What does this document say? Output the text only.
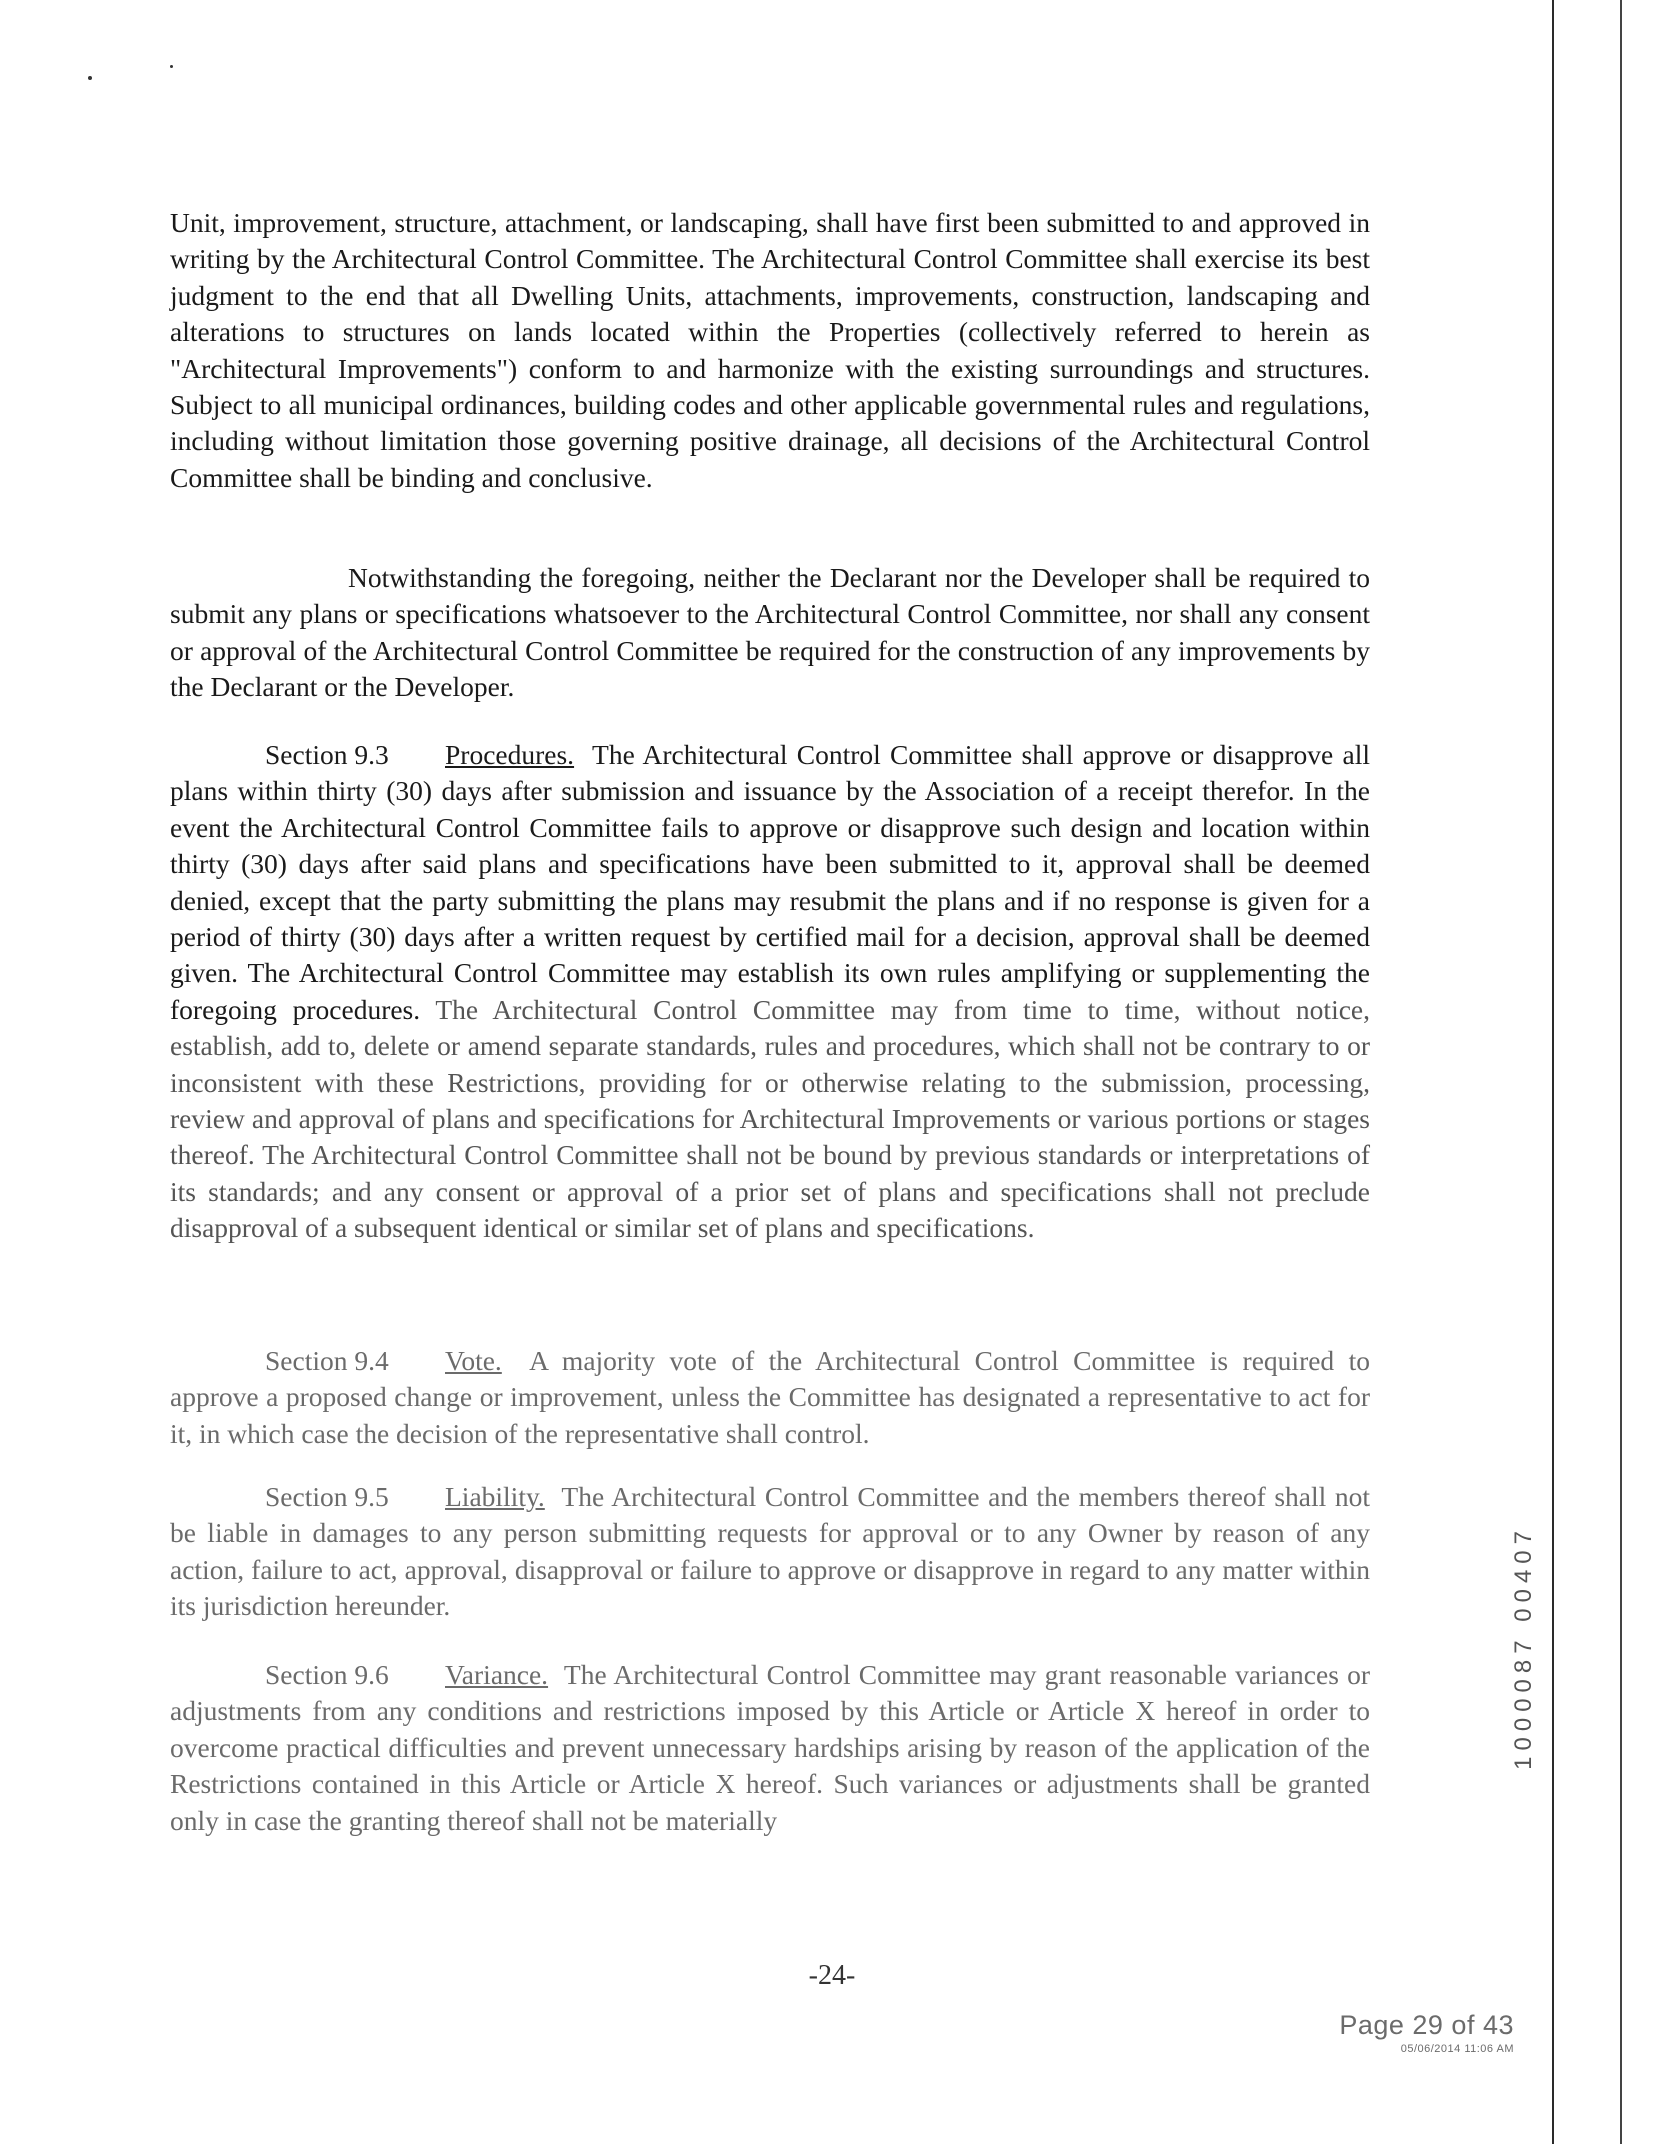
Unit, improvement, structure, attachment, or landscaping, shall have first been submitted to and approved in writing by the Architectural Control Committee. The Architectural Control Committee shall exercise its best judgment to the end that all Dwelling Units, attachments, improvements, construction, landscaping and alterations to structures on lands located within the Properties (collectively referred to herein as "Architectural Improvements") conform to and harmonize with the existing surroundings and structures. Subject to all municipal ordinances, building codes and other applicable governmental rules and regulations, including without limitation those governing positive drainage, all decisions of the Architectural Control Committee shall be binding and conclusive.

Notwithstanding the foregoing, neither the Declarant nor the Developer shall be required to submit any plans or specifications whatsoever to the Architectural Control Committee, nor shall any consent or approval of the Architectural Control Committee be required for the construction of any improvements by the Declarant or the Developer.

Section 9.3 Procedures. The Architectural Control Committee shall approve or disapprove all plans within thirty (30) days after submission and issuance by the Association of a receipt therefor. In the event the Architectural Control Committee fails to approve or disapprove such design and location within thirty (30) days after said plans and specifications have been submitted to it, approval shall be deemed denied, except that the party submitting the plans may resubmit the plans and if no response is given for a period of thirty (30) days after a written request by certified mail for a decision, approval shall be deemed given. The Architectural Control Committee may establish its own rules amplifying or supplementing the foregoing procedures. The Architectural Control Committee may from time to time, without notice, establish, add to, delete or amend separate standards, rules and procedures, which shall not be contrary to or inconsistent with these Restrictions, providing for or otherwise relating to the submission, processing, review and approval of plans and specifications for Architectural Improvements or various portions or stages thereof. The Architectural Control Committee shall not be bound by previous standards or interpretations of its standards; and any consent or approval of a prior set of plans and specifications shall not preclude disapproval of a subsequent identical or similar set of plans and specifications.

Section 9.4 Vote. A majority vote of the Architectural Control Committee is required to approve a proposed change or improvement, unless the Committee has designated a representative to act for it, in which case the decision of the representative shall control.

Section 9.5 Liability. The Architectural Control Committee and the members thereof shall not be liable in damages to any person submitting requests for approval or to any Owner by reason of any action, failure to act, approval, disapproval or failure to approve or disapprove in regard to any matter within its jurisdiction hereunder.

Section 9.6 Variance. The Architectural Control Committee may grant reasonable variances or adjustments from any conditions and restrictions imposed by this Article or Article X hereof in order to overcome practical difficulties and prevent unnecessary hardships arising by reason of the application of the Restrictions contained in this Article or Article X hereof. Such variances or adjustments shall be granted only in case the granting thereof shall not be materially

1000087 00407
-24-
Page 29 of 43
05/06/2014 11:06 AM
